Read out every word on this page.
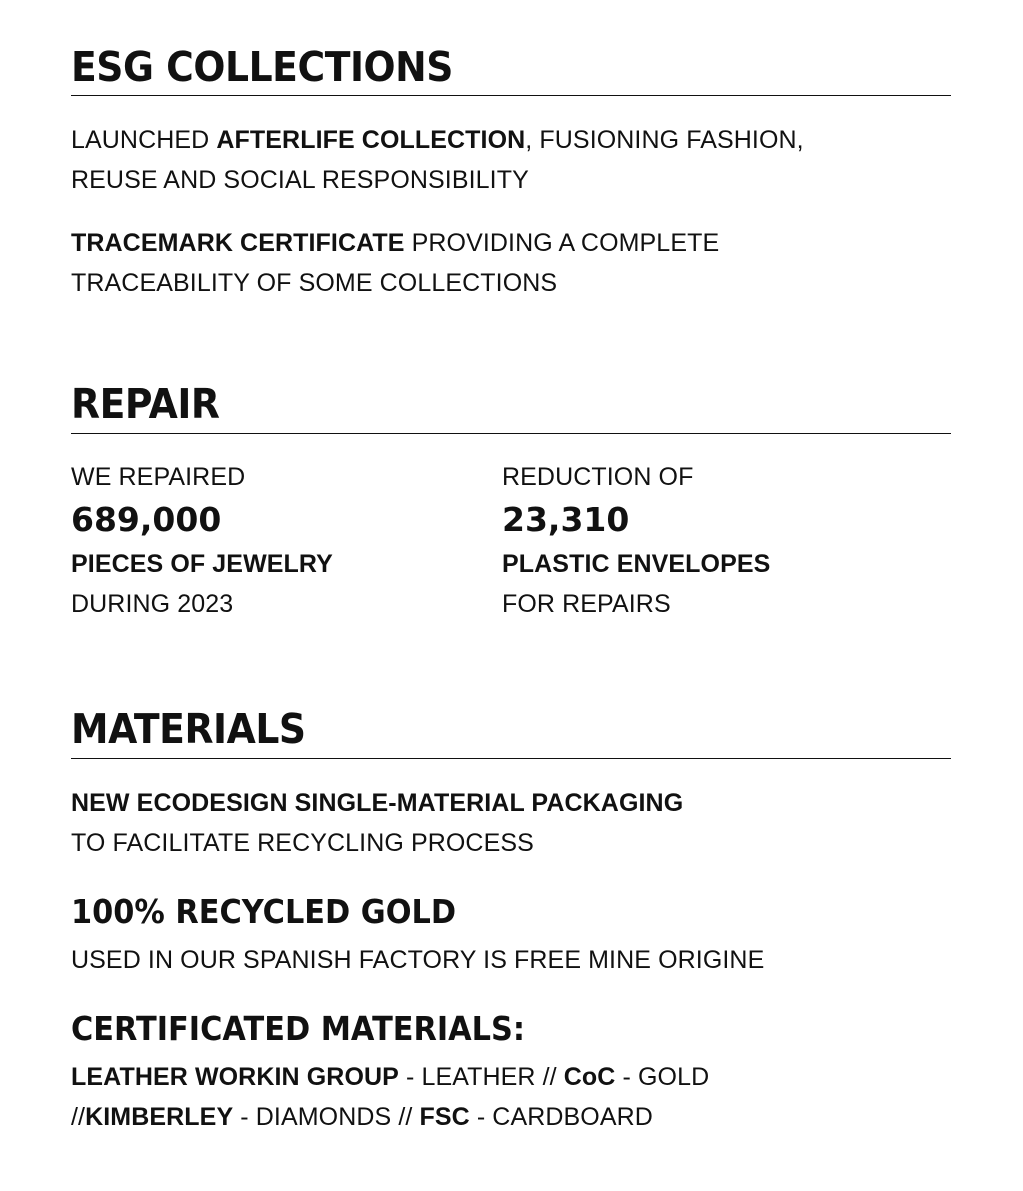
ESG COLLECTIONS
LAUNCHED AFTERLIFE COLLECTION, FUSIONING FASHION,
REUSE AND SOCIAL RESPONSIBILITY
TRACEMARK CERTIFICATE PROVIDING A COMPLETE
TRACEABILITY OF SOME COLLECTIONS
REPAIR
WE REPAIRED
689,000
PIECES OF JEWELRY
DURING 2023
REDUCTION OF
23,310
PLASTIC ENVELOPES
FOR REPAIRS
MATERIALS
NEW ECODESIGN SINGLE-MATERIAL PACKAGING
TO FACILITATE RECYCLING PROCESS
100% RECYCLED GOLD
USED IN OUR SPANISH FACTORY IS FREE MINE ORIGINE
CERTIFICATED MATERIALS:
LEATHER WORKIN GROUP - LEATHER // CoC - GOLD
//KIMBERLEY - DIAMONDS // FSC - CARDBOARD
